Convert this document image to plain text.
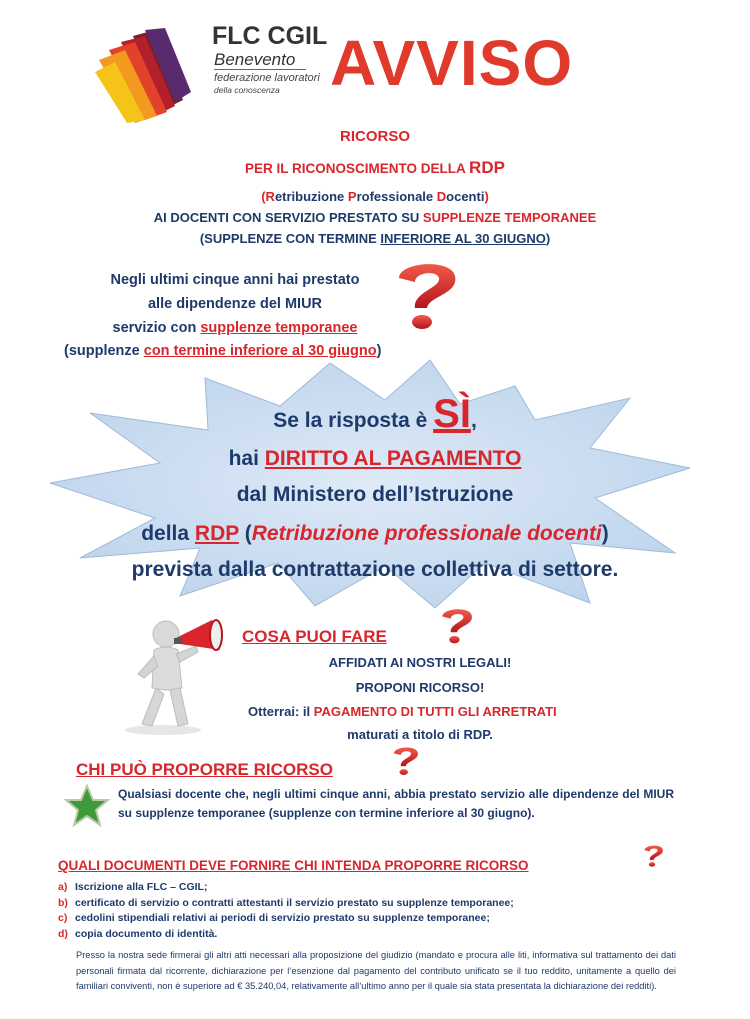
FLC CGIL
Benevento
federazione lavoratori
della conoscenza AVVISO
RICORSO
PER IL RICONOSCIMENTO DELLA RDP
(Retribuzione Professionale Docenti)
AI DOCENTI CON SERVIZIO PRESTATO SU SUPPLENZE TEMPORANEE
(SUPPLENZE CON TERMINE INFERIORE AL 30 GIUGNO)
Negli ultimi cinque anni hai prestato
alle dipendenze del MIUR
servizio con supplenze temporanee
(supplenze con termine inferiore al 30 giugno)
Se la risposta è SÌ,
hai DIRITTO AL PAGAMENTO
dal Ministero dell’Istruzione
della RDP (Retribuzione professionale docenti)
prevista dalla contrattazione collettiva di settore.
COSA PUOI FARE
AFFIDATI AI NOSTRI LEGALI!
PROPONI RICORSO!
Otterrai: il PAGAMENTO DI TUTTI GLI ARRETRATI
maturati a titolo di RDP.
CHI PUÒ PROPORRE RICORSO
Qualsiasi docente che, negli ultimi cinque anni, abbia prestato servizio alle dipendenze del MIUR su supplenze temporanee (supplenze con termine inferiore al 30 giugno).
QUALI DOCUMENTI DEVE FORNIRE CHI INTENDA PROPORRE RICORSO
a) Iscrizione alla FLC – CGIL;
b) certificato di servizio o contratti attestanti il servizio prestato su supplenze temporanee;
c) cedolini stipendiali relativi ai periodi di servizio prestato su supplenze temporanee;
d) copia documento di identità.
Presso la nostra sede firmerai gli altri atti necessari alla proposizione del giudizio (mandato e procura alle liti, informativa sul trattamento dei dati personali firmata dal ricorrente, dichiarazione per l’esenzione dal pagamento del contributo unificato se il tuo reddito, unitamente a quello dei familiari conviventi, non è superiore ad € 35.240,04, relativamente all’ultimo anno per il quale sia stata presentata la dichiarazione dei redditi).
